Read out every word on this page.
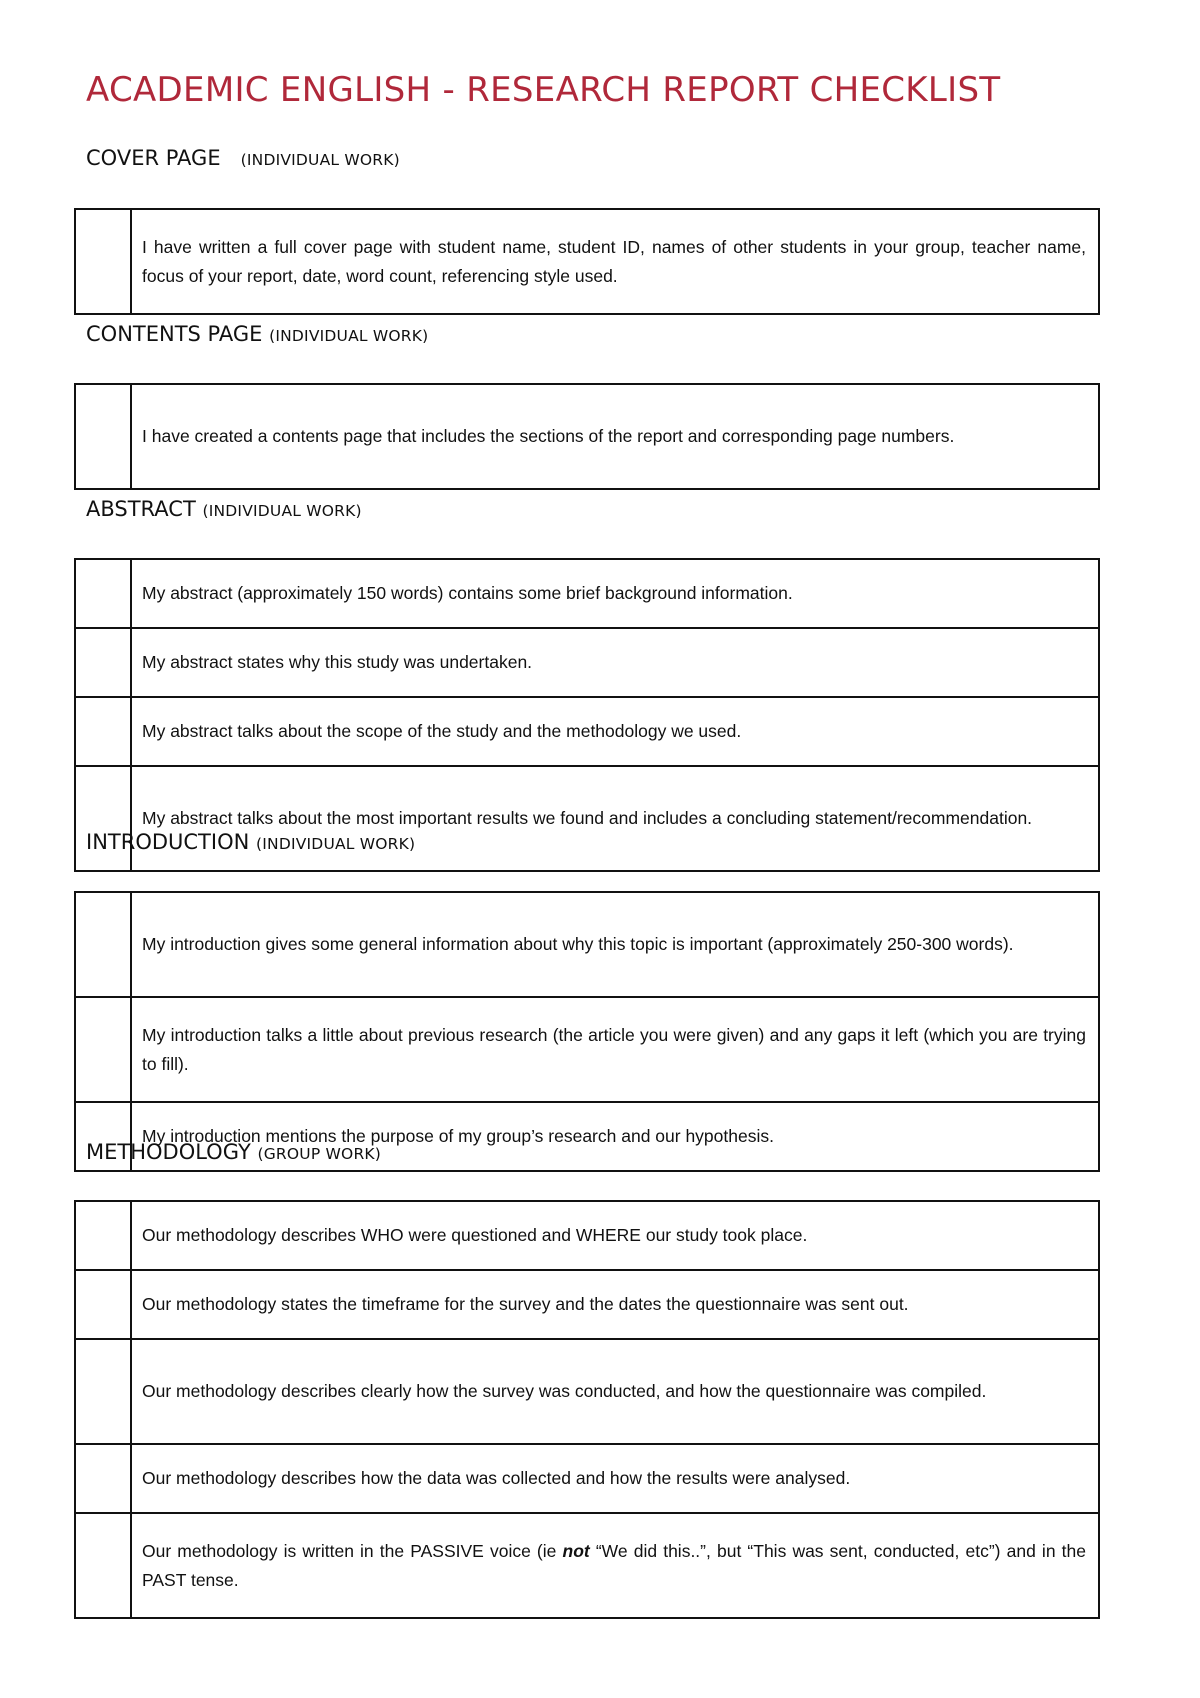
ACADEMIC ENGLISH - RESEARCH REPORT CHECKLIST
COVER PAGE (INDIVIDUAL WORK)
	I have written a full cover page with student name, student ID, names of other students in your group, teacher name, focus of your report, date, word count, referencing style used.
CONTENTS PAGE (INDIVIDUAL WORK)
	I have created a contents page that includes the sections of the report and corresponding page numbers.
ABSTRACT (INDIVIDUAL WORK)
	My abstract (approximately 150 words) contains some brief background information.

	My abstract states why this study was undertaken.

	My abstract talks about the scope of the study and the methodology we used.

	My abstract talks about the most important results we found and includes a concluding statement/recommendation.
INTRODUCTION (INDIVIDUAL WORK)
	My introduction gives some general information about why this topic is important (approximately 250-300 words).

	My introduction talks a little about previous research (the article you were given) and any gaps it left (which you are trying to fill).

	My introduction mentions the purpose of my group’s research and our hypothesis.
METHODOLOGY (GROUP WORK)
	Our methodology describes WHO were questioned and WHERE our study took place.

	Our methodology states the timeframe for the survey and the dates the questionnaire was sent out.

	Our methodology describes clearly how the survey was conducted, and how the questionnaire was compiled.

	Our methodology describes how the data was collected and how the results were analysed.

	Our methodology is written in the PASSIVE voice (ie not “We did this..”, but “This was sent, conducted, etc”) and in the PAST tense.
